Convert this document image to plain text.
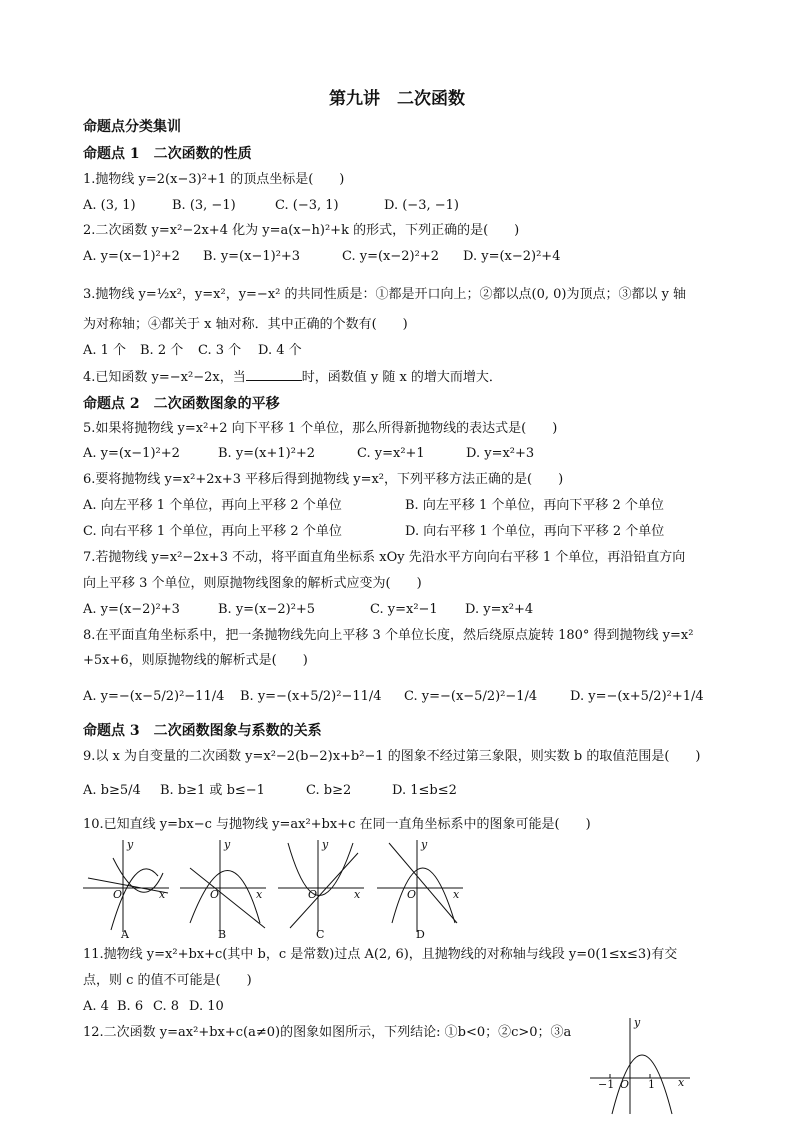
第九讲　二次函数
命题点分类集训
命题点 1　二次函数的性质
1.抛物线 y=2(x−3)²+1 的顶点坐标是(　　)
A. (3, 1)	B. (3, −1)	C. (−3, 1)	D. (−3, −1)
2.二次函数 y=x²−2x+4 化为 y=a(x−h)²+k 的形式，下列正确的是(　　)
A. y=(x−1)²+2 B. y=(x−1)²+3	C. y=(x−2)²+2 D. y=(x−2)²+4
3.抛物线 y=½x²，y=x²，y=−x² 的共同性质是：①都是开口向上；②都以点(0, 0)为顶点；③都以 y 轴
为对称轴；④都关于 x 轴对称．其中正确的个数有(　　)
A. 1 个 B. 2 个 C. 3 个 D. 4 个
4.已知函数 y=−x²−2x，当	时，函数值 y 随 x 的增大而增大．
命题点 2　二次函数图象的平移
5.如果将抛物线 y=x²+2 向下平移 1 个单位，那么所得新抛物线的表达式是(　　)
A. y=(x−1)²+2	B. y=(x+1)²+2	C. y=x²+1	D. y=x²+3
6.要将抛物线 y=x²+2x+3 平移后得到抛物线 y=x²，下列平移方法正确的是(　　)
A. 向左平移 1 个单位，再向上平移 2 个单位	B. 向左平移 1 个单位，再向下平移 2 个单位
C. 向右平移 1 个单位，再向上平移 2 个单位	D. 向右平移 1 个单位，再向下平移 2 个单位
7.若抛物线 y=x²−2x+3 不动，将平面直角坐标系 xOy 先沿水平方向向右平移 1 个单位，再沿铅直方向
向上平移 3 个单位，则原抛物线图象的解析式应变为(　　)
A. y=(x−2)²+3	B. y=(x−2)²+5	C. y=x²−1 D. y=x²+4
8.在平面直角坐标系中，把一条抛物线先向上平移 3 个单位长度，然后绕原点旋转 180° 得到抛物线 y=x²
+5x+6，则原抛物线的解析式是(　　)
A. y=−(x−5/2)²−11/4 B. y=−(x+5/2)²−11/4 C. y=−(x−5/2)²−1/4	D. y=−(x+5/2)²+1/4
命题点 3　二次函数图象与系数的关系
9.以 x 为自变量的二次函数 y=x²−2(b−2)x+b²−1 的图象不经过第三象限，则实数 b 的取值范围是(　　)
A. b≥5/4 B. b≥1 或 b≤−1	C. b≥2	D. 1≤b≤2
10.已知直线 y=bx−c 与抛物线 y=ax²+bx+c 在同一直角坐标系中的图象可能是(　　)
y
x
O
A
y
x
O
B
y
x
O
C
y
x
O
D
11.抛物线 y=x²+bx+c(其中 b，c 是常数)过点 A(2, 6)，且抛物线的对称轴与线段 y=0(1≤x≤3)有交
点，则 c 的值不可能是(　　)
A. 4 B. 6 C. 8 D. 10
12.二次函数 y=ax²+bx+c(a≠0)的图象如图所示，下列结论: ①b<0；②c>0；③a
y
x
−1 O 1
